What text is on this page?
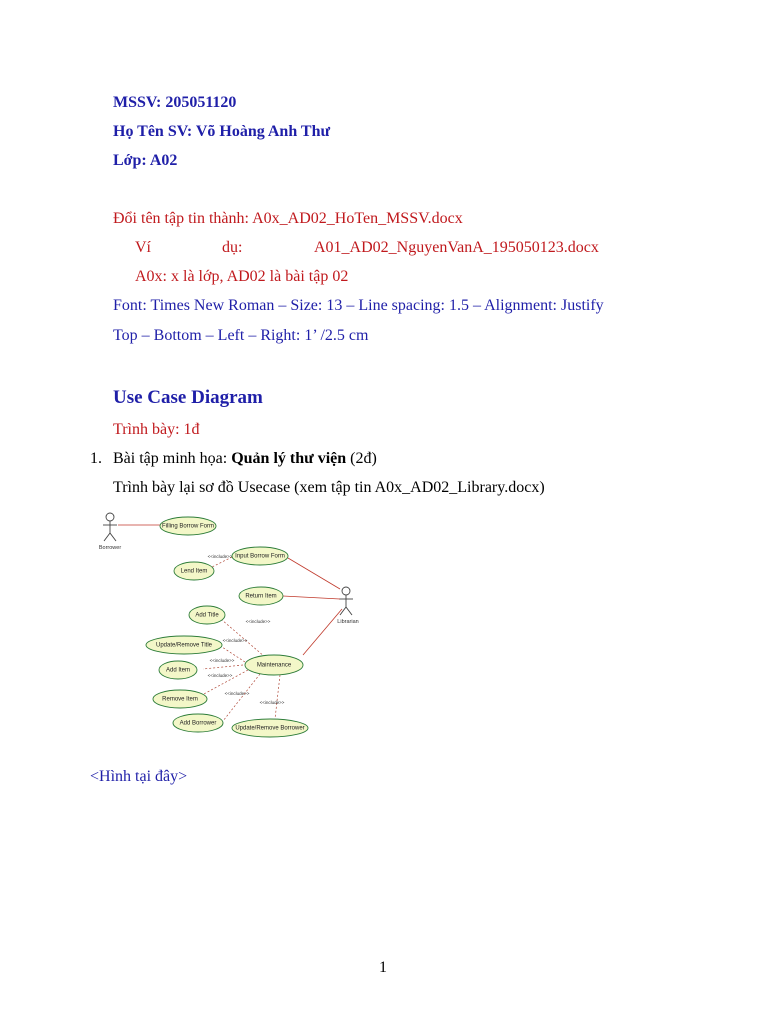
MSSV: 205051120
Họ Tên SV: Võ Hoàng Anh Thư
Lớp: A02
Đổi tên tập tin thành: A0x_AD02_HoTen_MSSV.docx
Ví	dụ:	A01_AD02_NguyenVanA_195050123.docx
A0x: x là lớp, AD02 là bài tập 02
Font: Times New Roman – Size: 13 – Line spacing: 1.5 – Alignment: Justify
Top – Bottom – Left – Right: 1’ /2.5 cm
Use Case Diagram
Trình bày: 1đ
1. Bài tập minh họa: Quản lý thư viện (2đ)
Trình bày lại sơ đồ Usecase (xem tập tin A0x_AD02_Library.docx)
Borrower
Librarian
<<include>>
<<include>>
<<include>>
<<include>>
<<include>>
<<include>>
<<include>>
Filling Borrow Form
Input Borrow Form
Lend Item
Return Item
Add Title
Update/Remove Title
Maintenance
Add Item
Remove Item
Add Borrower
Update/Remove Borrower
<Hình tại đây>
1
